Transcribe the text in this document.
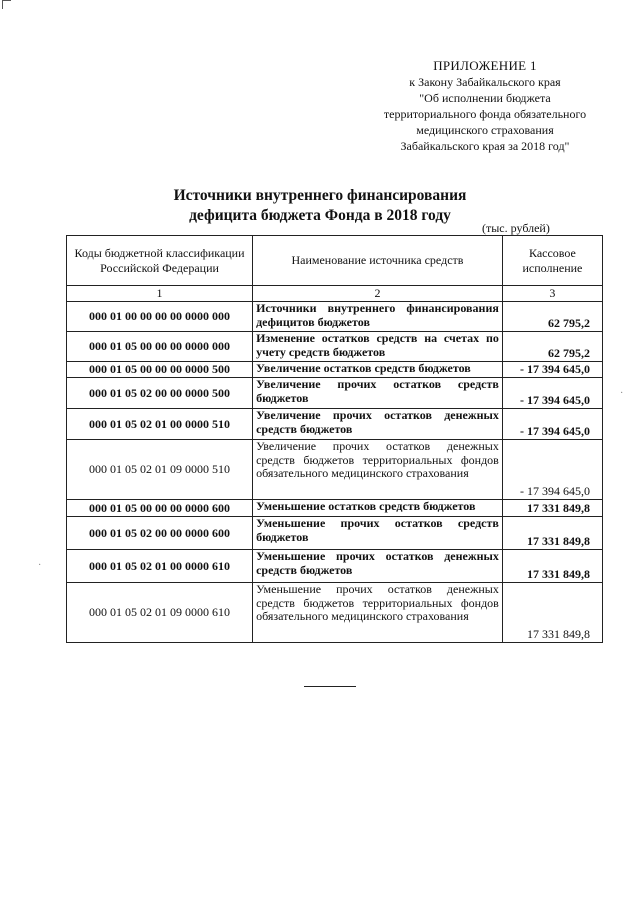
ПРИЛОЖЕНИЕ 1
к Закону Забайкальского края
"Об исполнении бюджета
территориального фонда обязательного
медицинского страхования
Забайкальского края за 2018 год"
Источники внутреннего финансирования
дефицита бюджета Фонда в 2018 году
(тыс. рублей)
Коды бюджетной классификации Российской Федерации	Наименование источника средств	Кассовое исполнение
1	2	3
000 01 00 00 00 00 0000 000	Источники внутреннего финансирования дефицитов бюджетов	62 795,2
000 01 05 00 00 00 0000 000	Изменение остатков средств на счетах по учету средств бюджетов	62 795,2
000 01 05 00 00 00 0000 500	Увеличение остатков средств бюджетов	- 17 394 645,0
000 01 05 02 00 00 0000 500	Увеличение прочих остатков средств бюджетов	- 17 394 645,0
000 01 05 02 01 00 0000 510	Увеличение прочих остатков денежных средств бюджетов	- 17 394 645,0
000 01 05 02 01 09 0000 510	Увеличение прочих остатков денежных средств бюджетов территориальных фондов обязательного медицинского страхования	- 17 394 645,0
000 01 05 00 00 00 0000 600	Уменьшение остатков средств бюджетов	17 331 849,8
000 01 05 02 00 00 0000 600	Уменьшение прочих остатков средств бюджетов	17 331 849,8
000 01 05 02 01 00 0000 610	Уменьшение прочих остатков денежных средств бюджетов	17 331 849,8
000 01 05 02 01 09 0000 610	Уменьшение прочих остатков денежных средств бюджетов территориальных фондов обязательного медицинского страхования	17 331 849,8
·
·
